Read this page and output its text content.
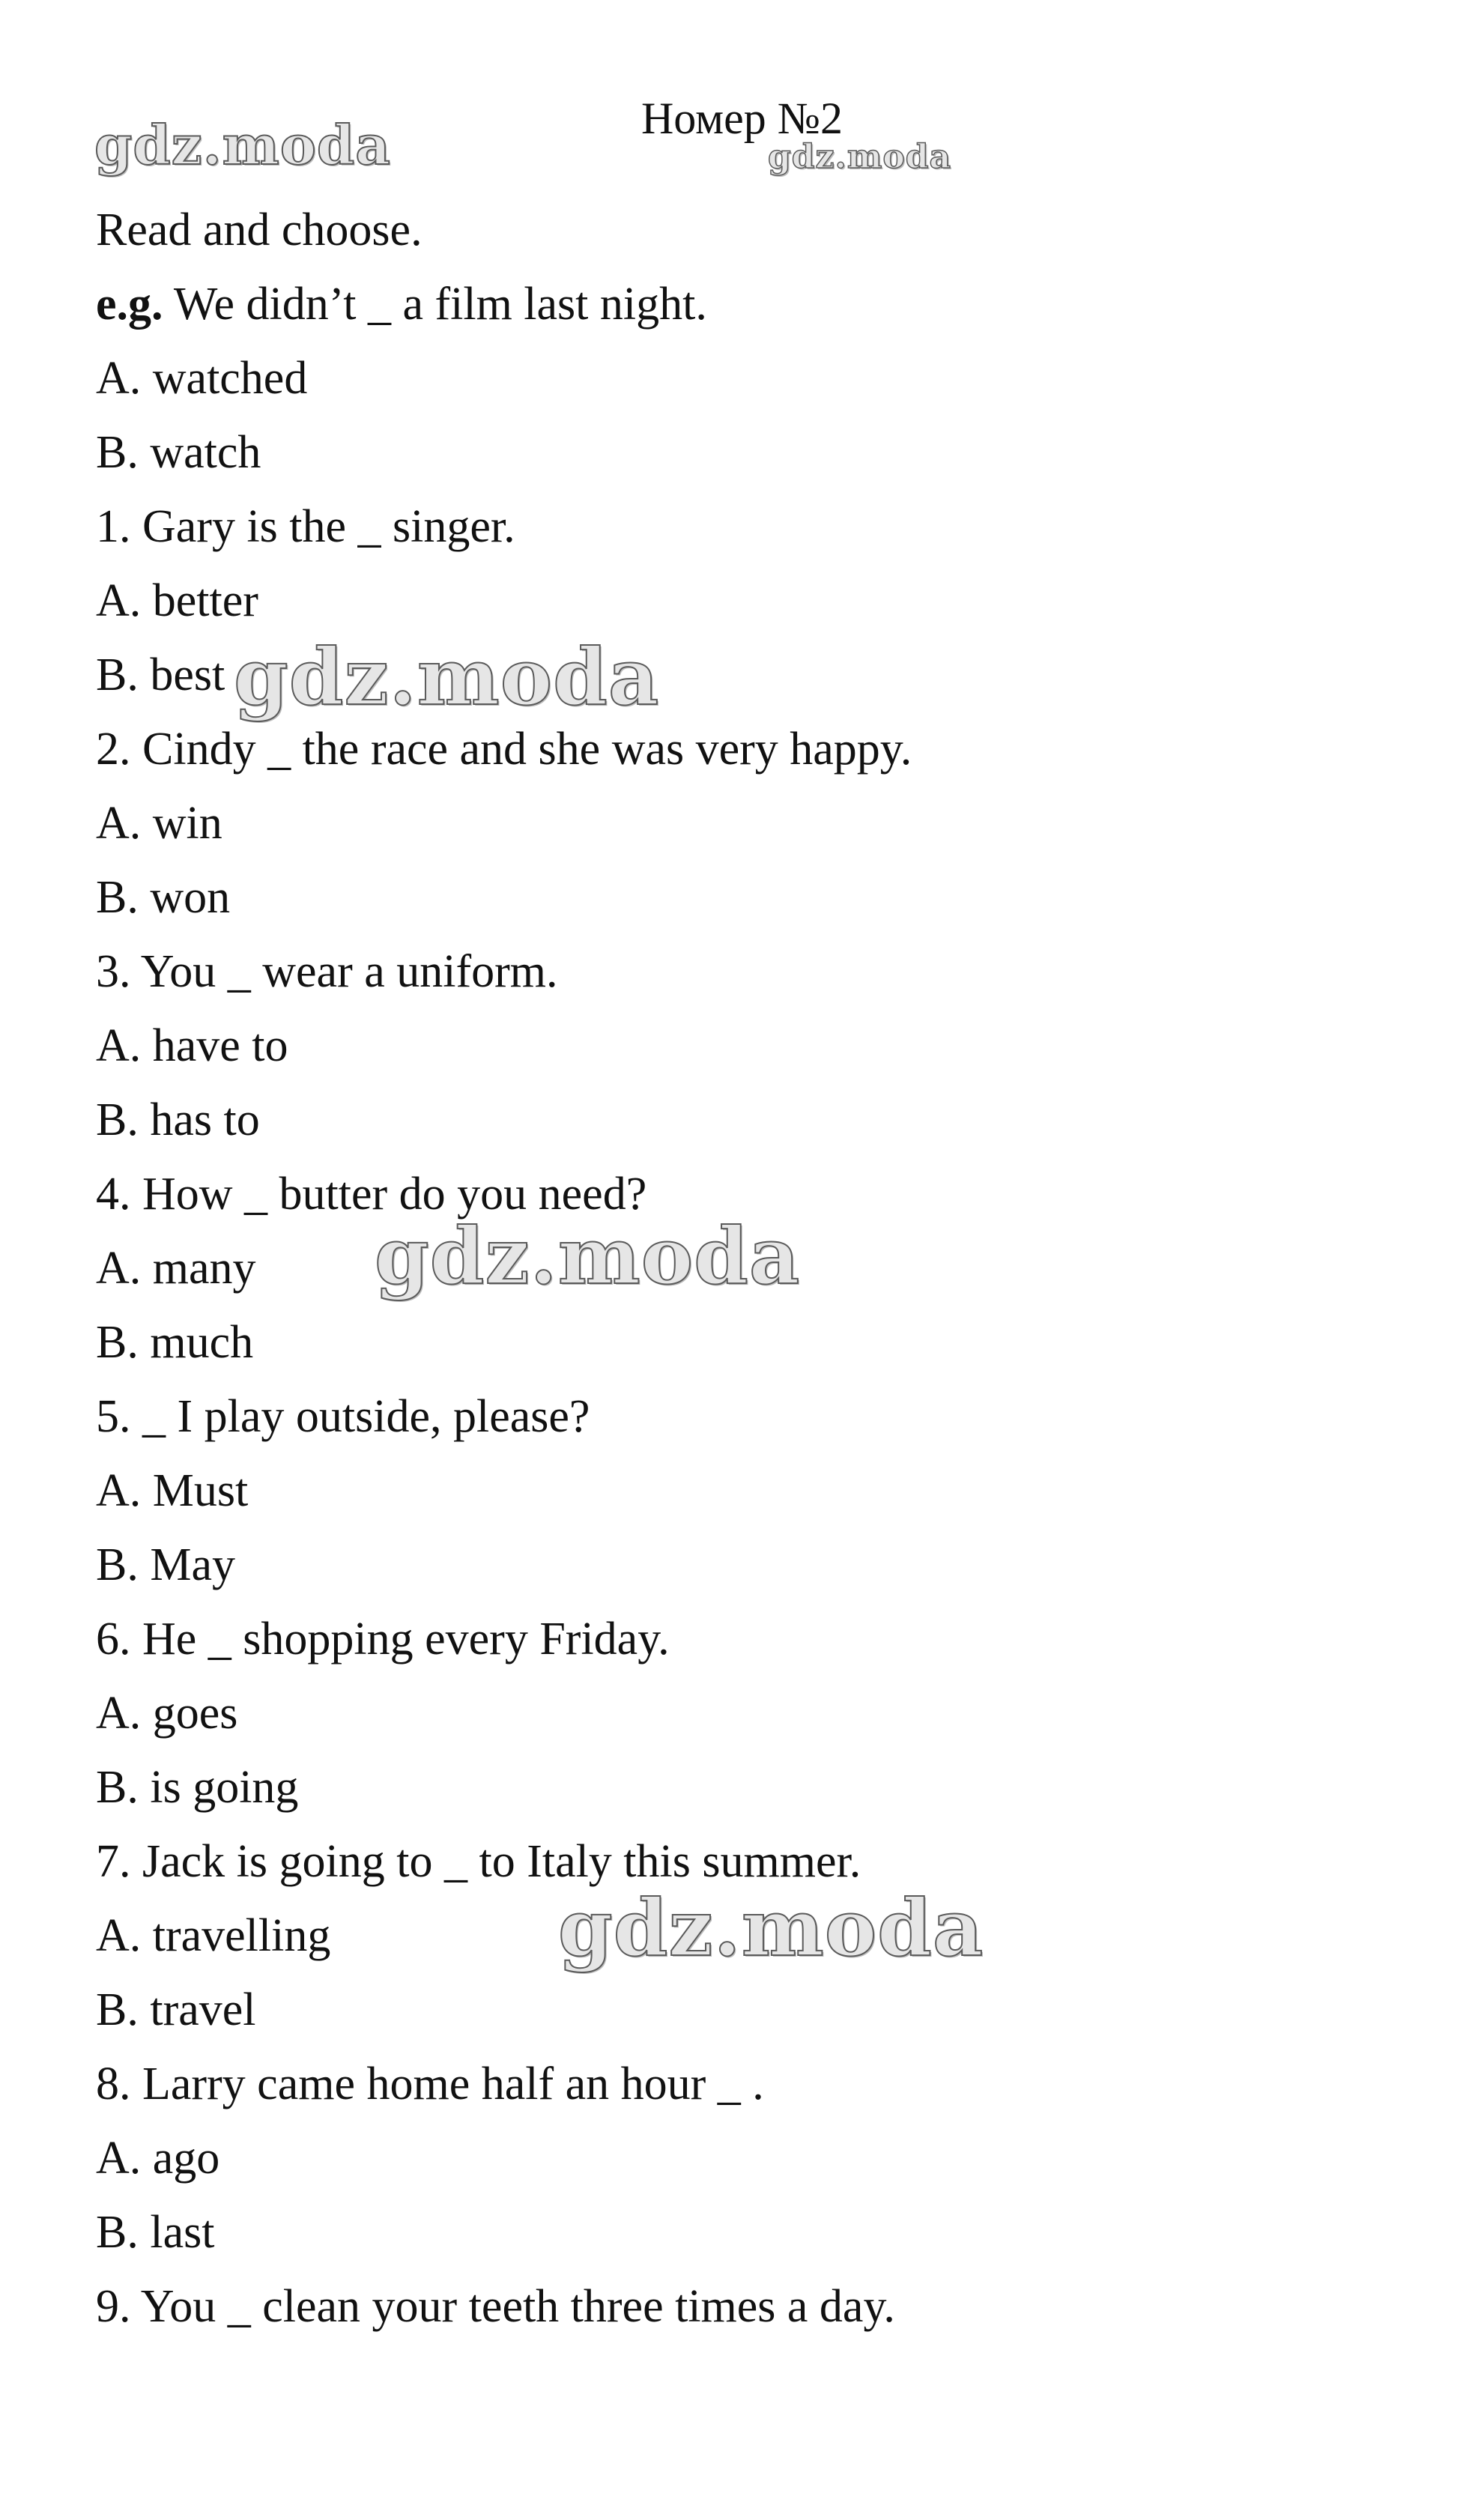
Номер №2
gdz.moda	gdz.moda
Read and choose.
e.g. We didn’t _ a film last night.
A. watched
B. watch
1. Gary is the _ singer.
A. better
B. best
2. Cindy _ the race and she was very happy.
A. win
B. won
3. You _ wear a uniform.
A. have to
B. has to
4. How _ butter do you need?
A. many
B. much
5. _ I play outside, please?
A. Must
B. May
6. He _ shopping every Friday.
A. goes
B. is going
7. Jack is going to _ to Italy this summer.
A. travelling
B. travel
8. Larry came home half an hour _ .
A. ago
B. last
9. You _ clean your teeth three times a day.
gdz.moda
gdz.moda
gdz.moda
